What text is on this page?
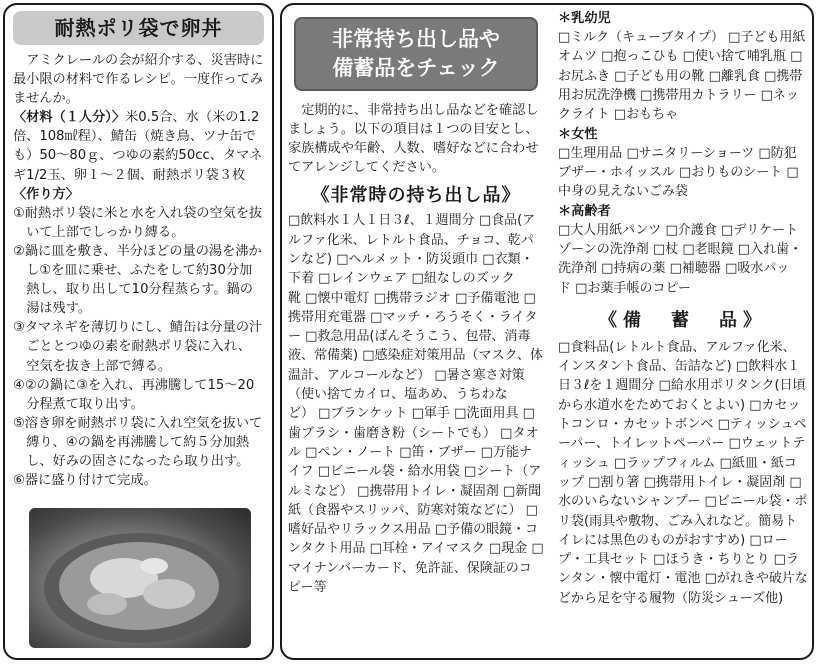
耐熱ポリ袋で卵丼

アミクレールの会が紹介する、災害時に最小限の材料で作るレシピ。一度作ってみませんか。

〈材料（１人分）〉米0.5合、水（米の1.2倍、108㎖程）、鯖缶（焼き鳥、ツナ缶でも）50～80ｇ、つゆの素約50cc、タマネギ1/2玉、卵１～２個、耐熱ポリ袋３枚

〈作り方〉

①耐熱ポリ袋に米と水を入れ袋の空気を抜いて上部でしっかり縛る。

②鍋に皿を敷き、半分ほどの量の湯を沸かし①を皿に乗せ、ふたをして約30分加熱し、取り出して10分程蒸らす。鍋の湯は残す。

③タマネギを薄切りにし、鯖缶は分量の汁ごととつゆの素を耐熱ポリ袋に入れ、空気を抜き上部で縛る。

④②の鍋に③を入れ、再沸騰して15～20分程煮て取り出す。

⑤溶き卵を耐熱ポリ袋に入れ空気を抜いて縛り、④の鍋を再沸騰して約５分加熱し、好みの固さになったら取り出す。

⑥器に盛り付けて完成。

非常持ち出し品や
備蓄品をチェック

定期的に、非常持ち出し品などを確認しましょう。以下の項目は１つの目安とし、家族構成や年齢、人数、嗜好などに合わせてアレンジしてください。

《非常時の持ち出し品》
□ 飲料水１人１日３ℓ、１週間分 □ 食品(アルファ化米、レトルト食品、チョコ、乾パンなど) □ ヘルメット・防災頭巾 □ 衣類・下着 □ レインウェア □ 紐なしのズック靴 □ 懐中電灯 □ 携帯ラジオ □ 予備電池□ 携帯用充電器 □ マッチ・ろうそく・ライター □ 救急用品(ばんそうこう、包帯、消毒液、常備薬) □ 感染症対策用品（マスク、体温計、アルコールなど） □ 暑さ寒さ対策（使い捨てカイロ、塩あめ、うちわなど） □ ブランケット □ 軍手 □ 洗面用具□ 歯ブラシ・歯磨き粉（シートでも） □ タオル □ ペン・ノート □ 笛・ブザー □ 万能ナイフ □ ビニール袋・給水用袋 □ シート（アルミなど） □ 携帯用トイレ・凝固剤 □ 新聞紙（食器やスリッパ、防寒対策などに）□ 嗜好品やリラックス用品 □ 予備の眼鏡・コンタクト用品 □ 耳栓・アイマスク □ 現金□ マイナンバーカード、免許証、保険証のコピー等
＊乳幼児
□ ミルク（キューブタイプ） □ 子ども用紙オムツ □ 抱っこひも □ 使い捨て哺乳瓶□ お尻ふき □ 子ども用の靴 □ 離乳食 □ 携帯用お尻洗浄機 □ 携帯用カトラリー □ ネックライト □ おもちゃ
＊女性
□ 生理用品 □ サニタリーショーツ □ 防犯ブザー・ホイッスル □ おりものシート□ 中身の見えないごみ袋
＊高齢者
□ 大人用紙パンツ □ 介護食 □ デリケートゾーンの洗浄剤 □ 杖 □ 老眼鏡 □ 入れ歯・洗浄剤 □ 持病の薬 □ 補聴器 □ 吸水パッド □ お薬手帳のコピー
《備　蓄　品》
□ 食料品(レトルト食品、アルファ化米、インスタント食品、缶詰など) □ 飲料水１日３ℓを１週間分 □ 給水用ポリタンク(日頃から水道水をためておくとよい) □ カセットコンロ・カセットボンベ □ ティッシュペーパー、トイレットペーパー □ ウェットティッシュ □ ラップフィルム □ 紙皿・紙コップ □ 割り箸 □ 携帯用トイレ・凝固剤□ 水のいらないシャンプー □ ビニール袋・ポリ袋(雨具や敷物、ごみ入れなど。簡易トイレには黒色のものがおすすめ) □ ロープ・工具セット □ ほうき・ちりとり □ ランタン・懐中電灯・電池 □ がれきや破片などから足を守る履物（防災シューズ他)
